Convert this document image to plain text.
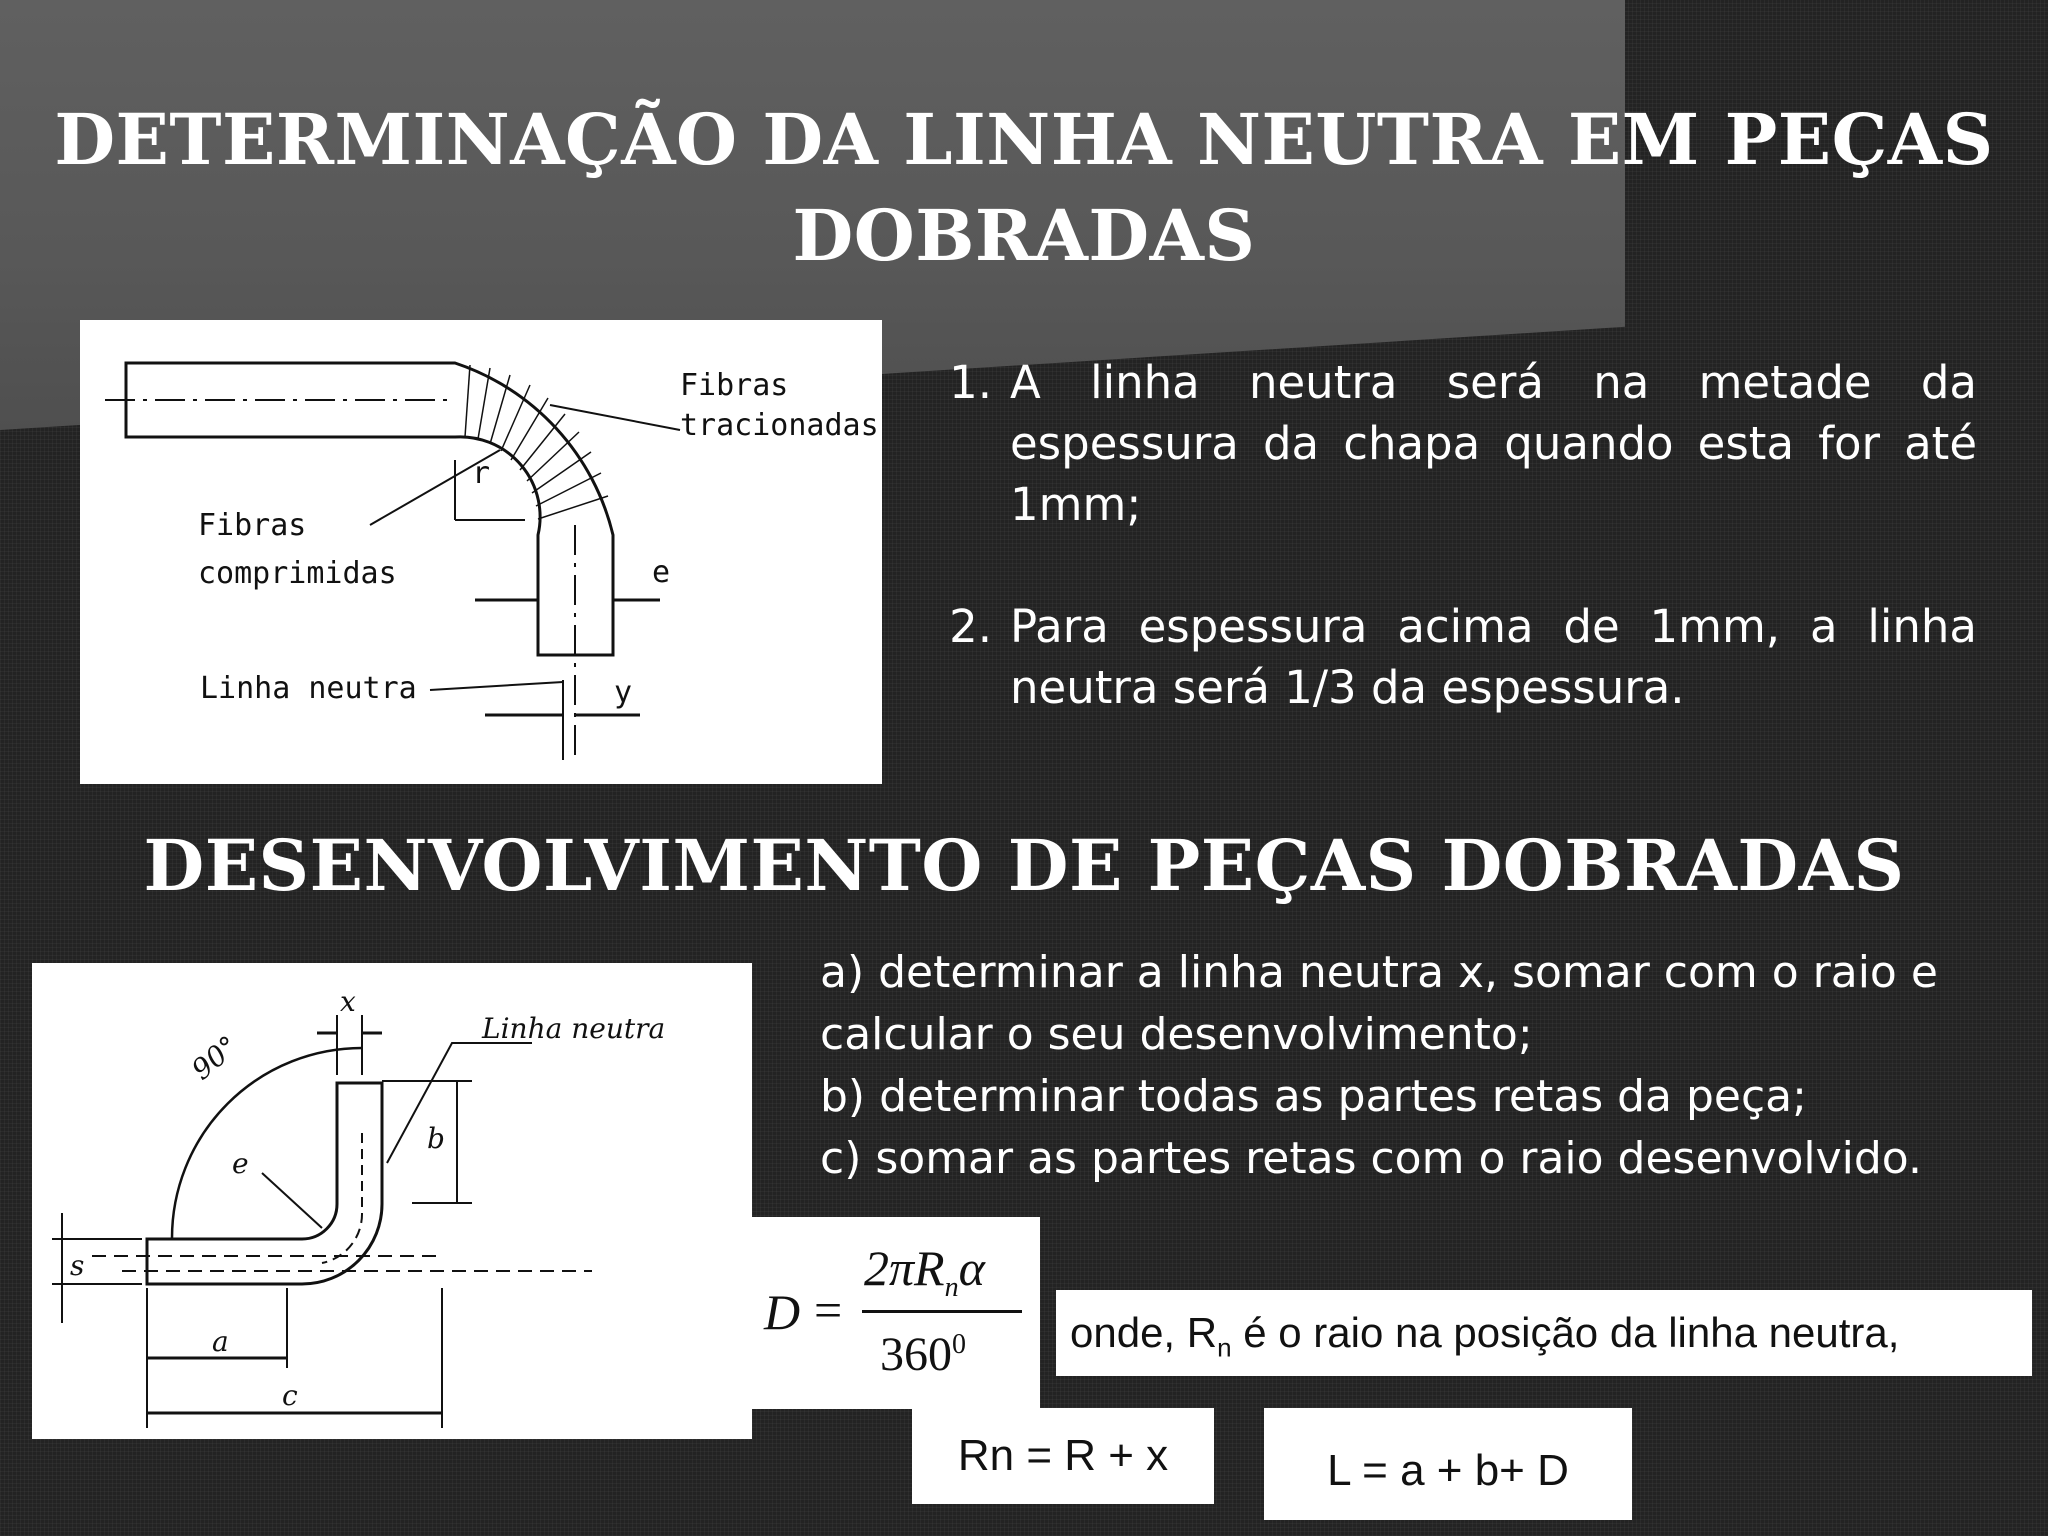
DETERMINAÇÃO DA LINHA NEUTRA EM PEÇAS
DOBRADAS
Fibras
tracionadas
Fibras
comprimidas
Linha neutra
r
e
y
1. A linha neutra será na metade da espessura da chapa quando esta for até 1mm;
2. Para espessura acima de 1mm, a linha neutra será 1/3 da espessura.
DESENVOLVIMENTO DE PEÇAS DOBRADAS
90°
x
Linha neutra
b
e
s
a
c
a) determinar a linha neutra x, somar com o raio e
calcular o seu desenvolvimento;
b) determinar todas as partes retas da peça;
c) somar as partes retas com o raio desenvolvido.
D =
$2\pi R_n\alpha$
$360^0$	onde, $R_n$ é o raio na posição da linha neutra,
Rn = R + x	L = a + b+ D
